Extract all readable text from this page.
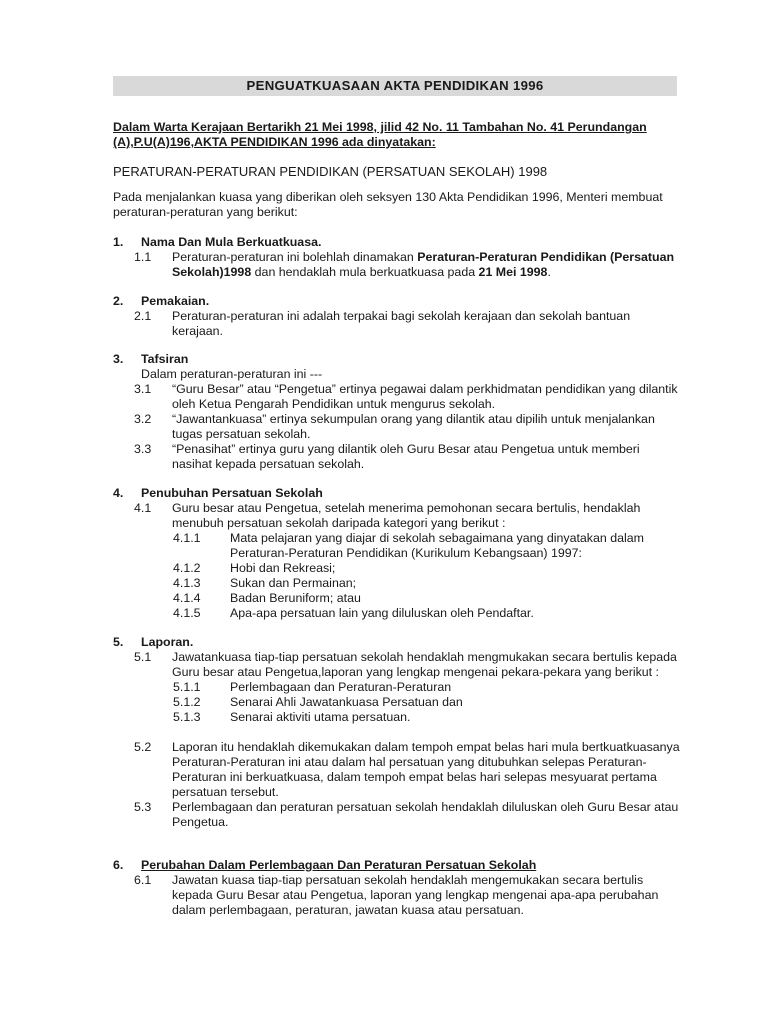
PENGUATKUASAAN AKTA PENDIDIKAN 1996
Dalam Warta Kerajaan Bertarikh 21 Mei 1998, jilid 42 No. 11 Tambahan No. 41 Perundangan (A),P.U(A)196,AKTA PENDIDIKAN 1996 ada dinyatakan:
PERATURAN-PERATURAN PENDIDIKAN (PERSATUAN SEKOLAH) 1998
Pada menjalankan kuasa yang diberikan oleh seksyen 130 Akta Pendidikan 1996, Menteri membuat peraturan-peraturan yang berikut:
1. Nama Dan Mula Berkuatkuasa.
1.1 Peraturan-peraturan ini bolehlah dinamakan Peraturan-Peraturan Pendidikan (Persatuan Sekolah)1998 dan hendaklah mula berkuatkuasa pada 21 Mei 1998.
2. Pemakaian.
2.1 Peraturan-peraturan ini adalah terpakai bagi sekolah kerajaan dan sekolah bantuan kerajaan.
3. Tafsiran
Dalam peraturan-peraturan ini ---
3.1 “Guru Besar” atau “Pengetua” ertinya pegawai dalam perkhidmatan pendidikan yang dilantik oleh Ketua Pengarah Pendidikan untuk mengurus sekolah.
3.2 “Jawantankuasa” ertinya sekumpulan orang yang dilantik atau dipilih untuk menjalankan tugas persatuan sekolah.
3.3 “Penasihat” ertinya guru yang dilantik oleh Guru Besar atau Pengetua untuk memberi nasihat kepada persatuan sekolah.
4. Penubuhan Persatuan Sekolah
4.1 Guru besar atau Pengetua, setelah menerima pemohonan secara bertulis, hendaklah menubuh persatuan sekolah daripada kategori yang berikut :
4.1.1 Mata pelajaran yang diajar di sekolah sebagaimana yang dinyatakan dalam Peraturan-Peraturan Pendidikan (Kurikulum Kebangsaan) 1997:
4.1.2 Hobi dan Rekreasi;
4.1.3 Sukan dan Permainan;
4.1.4 Badan Beruniform; atau
4.1.5 Apa-apa persatuan lain yang diluluskan oleh Pendaftar.
5. Laporan.
5.1 Jawatankuasa tiap-tiap persatuan sekolah hendaklah mengmukakan secara bertulis kepada Guru besar atau Pengetua,laporan yang lengkap mengenai pekara-pekara yang berikut :
5.1.1 Perlembagaan dan Peraturan-Peraturan
5.1.2 Senarai Ahli Jawatankuasa Persatuan dan
5.1.3 Senarai aktiviti utama persatuan.
5.2 Laporan itu hendaklah dikemukakan dalam tempoh empat belas hari mula bertkuatkuasanya Peraturan-Peraturan ini atau dalam hal persatuan yang ditubuhkan selepas Peraturan-Peraturan ini berkuatkuasa, dalam tempoh empat belas hari selepas mesyuarat pertama persatuan tersebut.
5.3 Perlembagaan dan peraturan persatuan sekolah hendaklah diluluskan oleh Guru Besar atau Pengetua.
6. Perubahan Dalam Perlembagaan Dan Peraturan Persatuan Sekolah
6.1 Jawatan kuasa tiap-tiap persatuan sekolah hendaklah mengemukakan secara bertulis kepada Guru Besar atau Pengetua, laporan yang lengkap mengenai apa-apa perubahan dalam perlembagaan, peraturan, jawatan kuasa atau persatuan.
